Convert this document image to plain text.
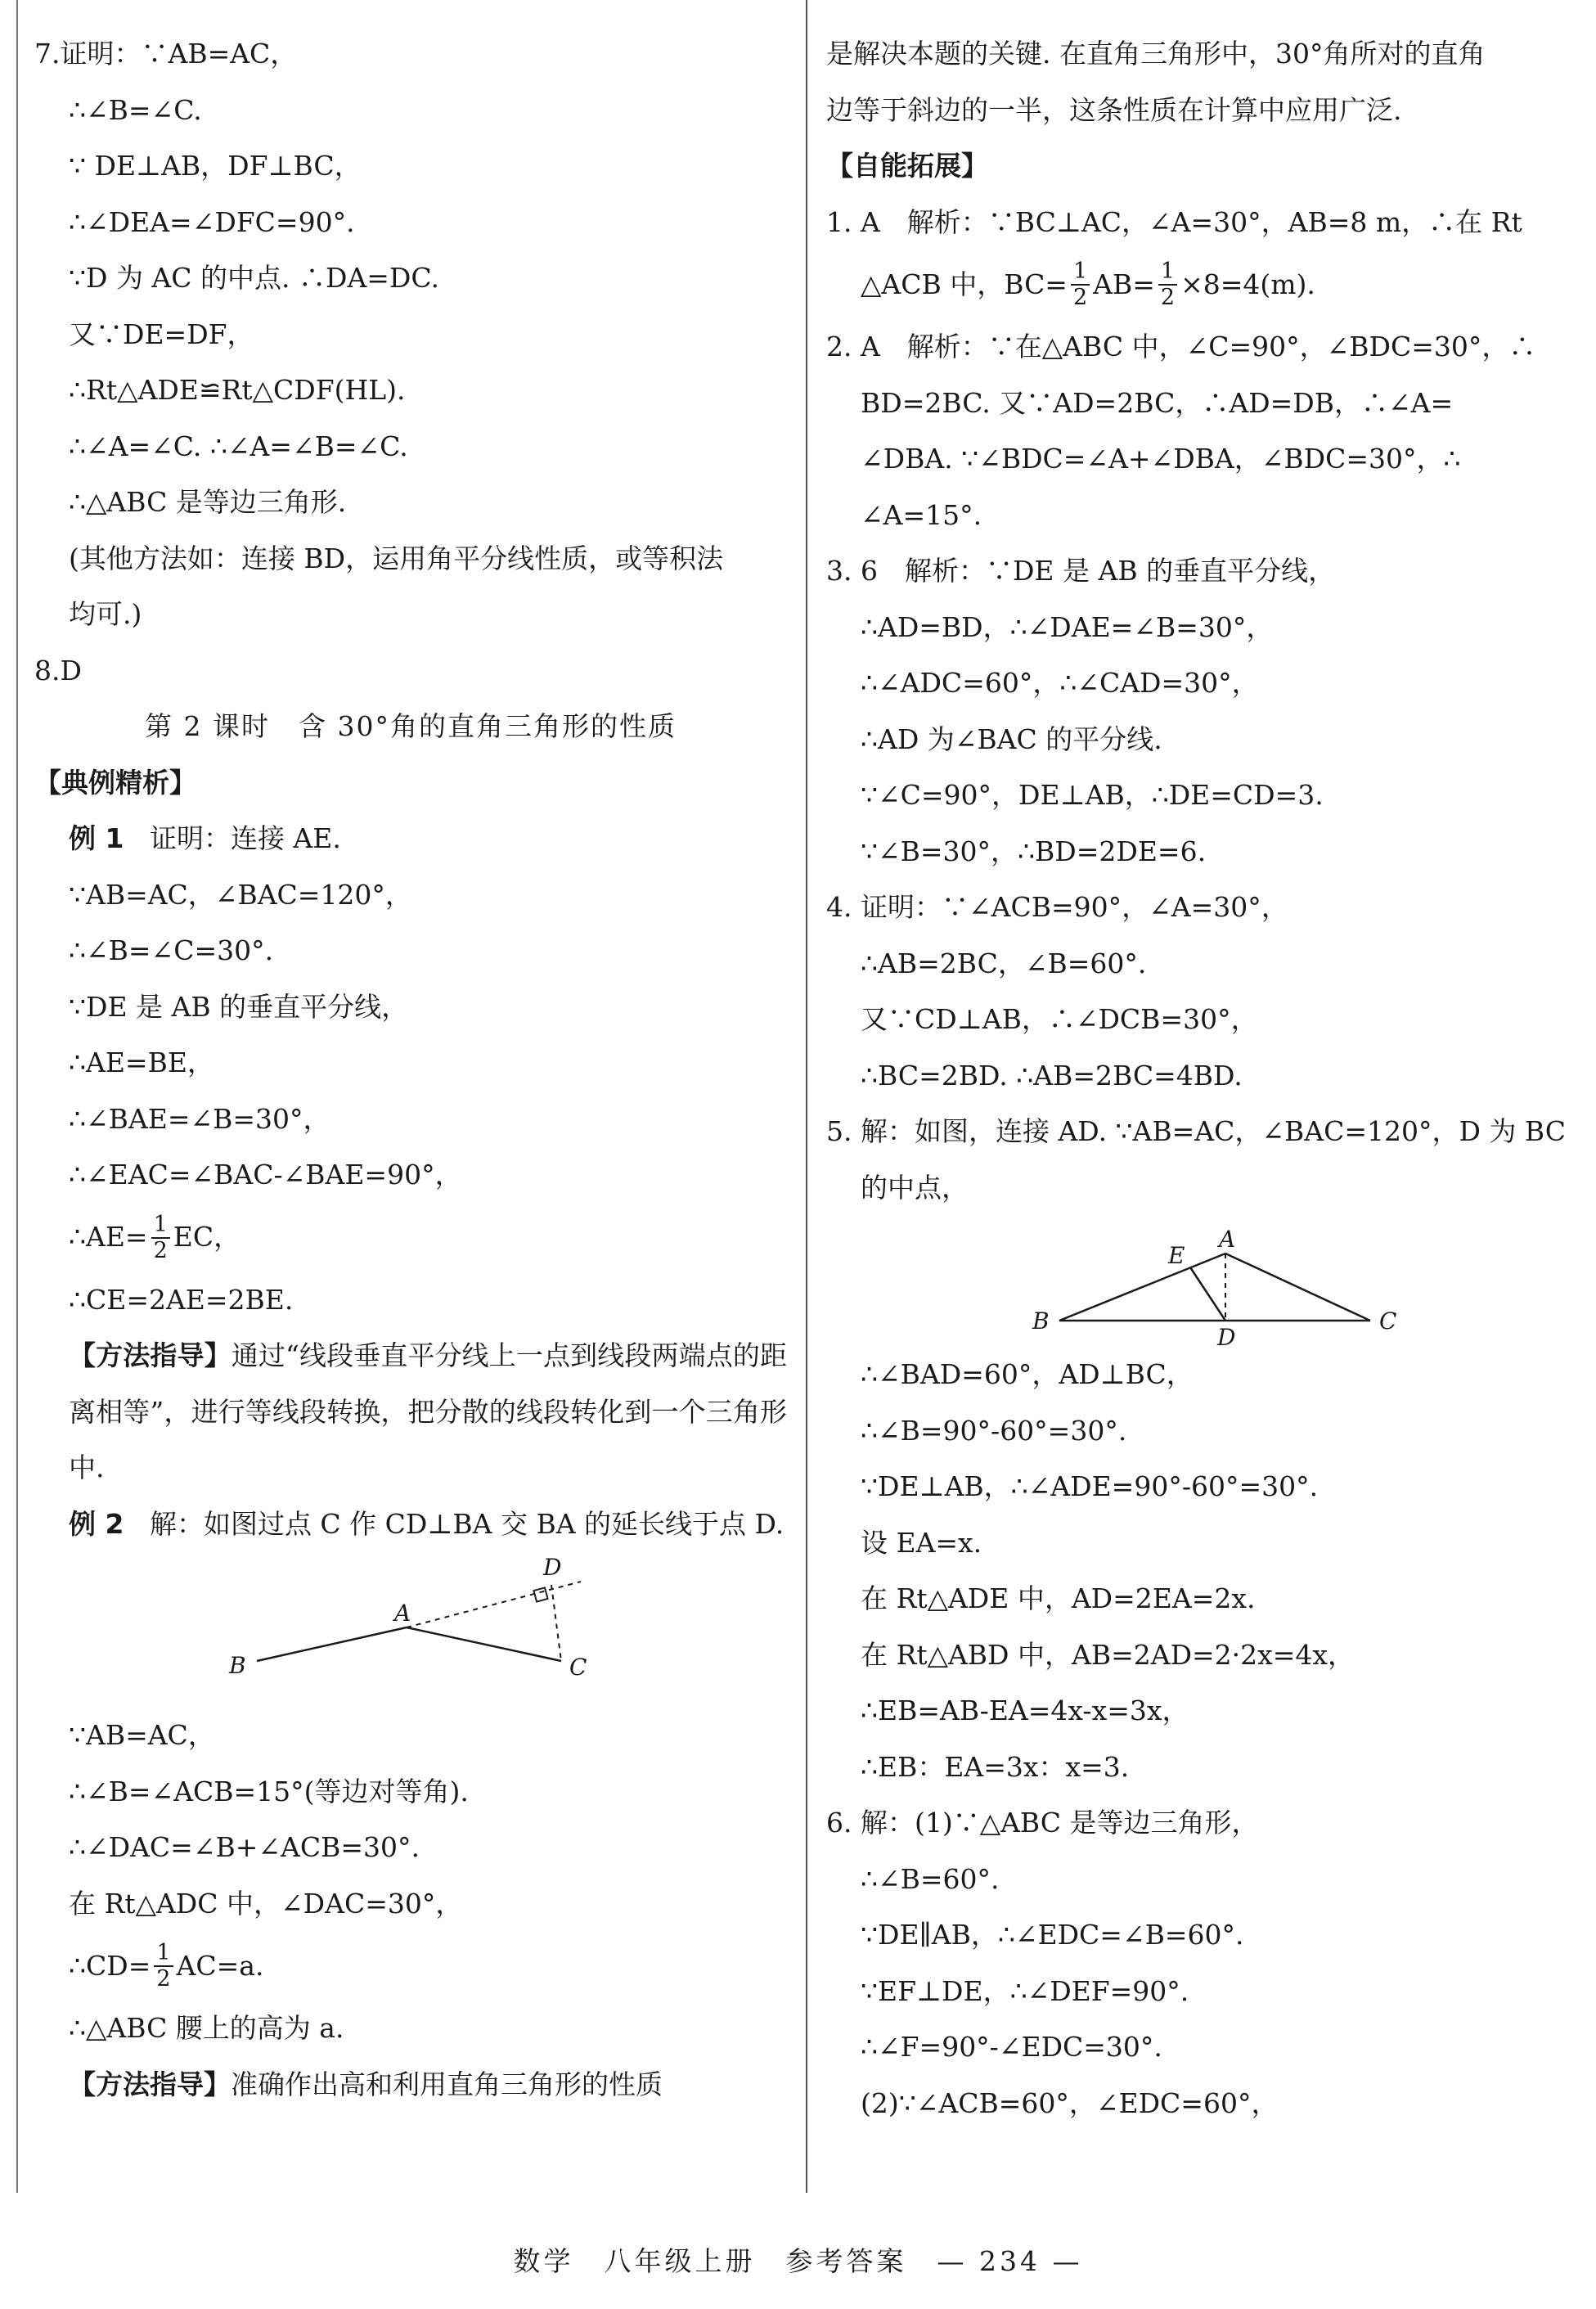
7.证明：∵AB=AC，
∴∠B=∠C.
∵ DE⊥AB，DF⊥BC，
∴∠DEA=∠DFC=90°.
∵D 为 AC 的中点. ∴DA=DC.
又∵DE=DF，
∴Rt△ADE≌Rt△CDF(HL).
∴∠A=∠C. ∴∠A=∠B=∠C.
∴△ABC 是等边三角形.
(其他方法如：连接 BD，运用角平分线性质，或等积法
均可.)
8.D
第 2 课时　含 30°角的直角三角形的性质
【典例精析】
例 1 证明：连接 AE.
∵AB=AC，∠BAC=120°，
∴∠B=∠C=30°.
∵DE 是 AB 的垂直平分线，
∴AE=BE，
∴∠BAE=∠B=30°，
∴∠EAC=∠BAC-∠BAE=90°，
∴AE= $\frac{1}{2}$ EC，
∴CE=2AE=2BE.
【方法指导】通过“线段垂直平分线上一点到线段两端点的距离相等”，进行等线段转换，把分散的线段转化到一个三角形中.
例 2 解：如图过点 C 作 CD⊥BA 交 BA 的延长线于点 D.
B
A
C
D
∵AB=AC，
∴∠B=∠ACB=15°(等边对等角).
∴∠DAC=∠B+∠ACB=30°.
在 Rt△ADC 中，∠DAC=30°，
∴CD= $\frac{1}{2} AC=a$.
∴△ABC 腰上的高为 a.
【方法指导】准确作出高和利用直角三角形的性质
是解决本题的关键. 在直角三角形中，30°角所对的直角
边等于斜边的一半，这条性质在计算中应用广泛.
【自能拓展】
1. A　解析：∵BC⊥AC，∠A=30°，AB=8 m，∴在 Rt
△ACB 中，$BC= \frac{1}{2} AB= \frac{1}{2} \times 8=4(m)$.
2. A　解析：∵在△ABC 中，∠C=90°，∠BDC=30°，∴
BD=2BC. 又∵AD=2BC，∴AD=DB，∴∠A=
∠DBA. ∵∠BDC=∠A+∠DBA，∠BDC=30°，∴
∠A=15°.
3. 6　解析：∵DE 是 AB 的垂直平分线，
∴AD=BD，∴∠DAE=∠B=30°，
∴∠ADC=60°，∴∠CAD=30°，
∴AD 为∠BAC 的平分线.
∵∠C=90°，DE⊥AB，∴DE=CD=3.
∵∠B=30°，∴BD=2DE=6.
4. 证明：∵∠ACB=90°，∠A=30°，
∴AB=2BC，∠B=60°.
又∵CD⊥AB，∴∠DCB=30°，
∴BC=2BD. ∴AB=2BC=4BD.
5. 解：如图，连接 AD. ∵AB=AC，∠BAC=120°，D 为 BC
的中点，
A
B	C
D
E
∴∠BAD=60°，AD⊥BC，
∴∠B=90°-60°=30°.
∵DE⊥AB，∴∠ADE=90°-60°=30°.
设 EA=x.
在 Rt△ADE 中，AD=2EA=2x.
在 Rt△ABD 中，AB=2AD=2·2x=4x，
∴EB=AB-EA=4x-x=3x，
∴EB：EA=3x：x=3.
6. 解：(1)∵△ABC 是等边三角形，
∴∠B=60°.
∵DE∥AB，∴∠EDC=∠B=60°.
∵EF⊥DE，∴∠DEF=90°.
∴∠F=90°-∠EDC=30°.
(2)∵∠ACB=60°，∠EDC=60°，
数学　八年级上册　参考答案　— 234 —
